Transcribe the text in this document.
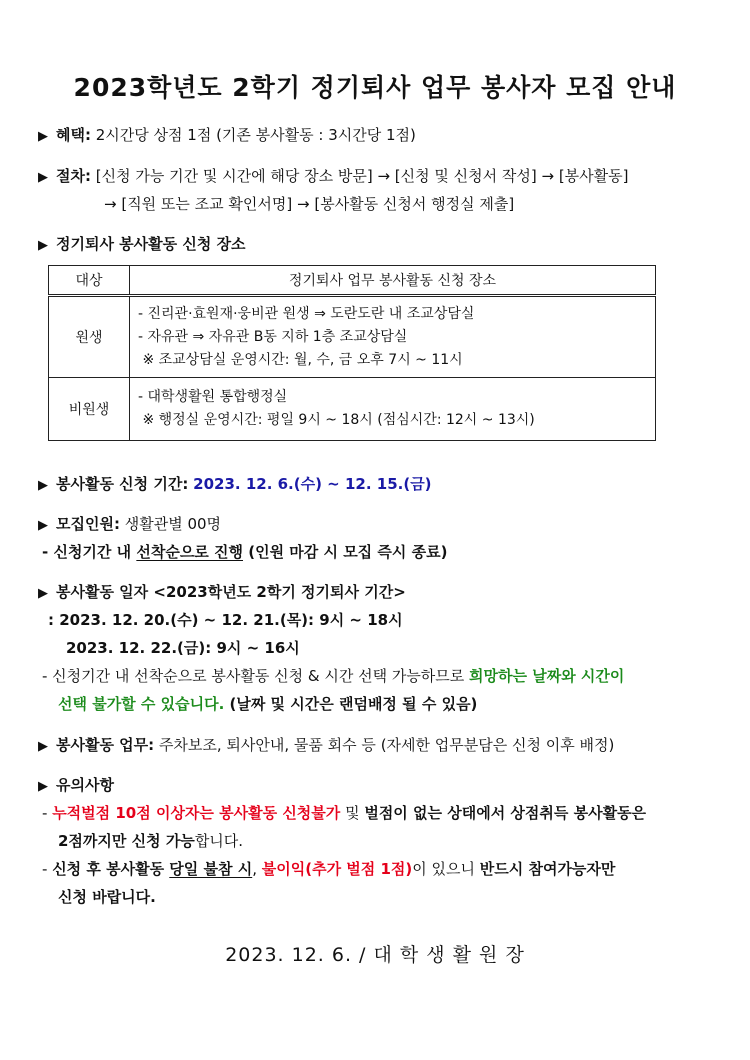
2023학년도 2학기 정기퇴사 업무 봉사자 모집 안내
▶ 혜택: 2시간당 상점 1점 (기존 봉사활동 : 3시간당 1점)
▶ 절차: [신청 가능 기간 및 시간에 해당 장소 방문] → [신청 및 신청서 작성] → [봉사활동]
→ [직원 또는 조교 확인서명] → [봉사활동 신청서 행정실 제출]
▶ 정기퇴사 봉사활동 신청 장소
대상	정기퇴사 업무 봉사활동 신청 장소
원생	- 진리관·효원재·웅비관 원생 ⇒ 도란도란 내 조교상담실
- 자유관 ⇒ 자유관 B동 지하 1층 조교상담실
※ 조교상담실 운영시간: 월, 수, 금 오후 7시 ~ 11시

비원생	- 대학생활원 통합행정실
※ 행정실 운영시간: 평일 9시 ~ 18시 (점심시간: 12시 ~ 13시)
▶ 봉사활동 신청 기간: 2023. 12. 6.(수) ~ 12. 15.(금)
▶ 모집인원: 생활관별 00명
- 신청기간 내 선착순으로 진행 (인원 마감 시 모집 즉시 종료)
▶ 봉사활동 일자 <2023학년도 2학기 정기퇴사 기간>
: 2023. 12. 20.(수) ~ 12. 21.(목): 9시 ~ 18시
2023. 12. 22.(금): 9시 ~ 16시
- 신청기간 내 선착순으로 봉사활동 신청 & 시간 선택 가능하므로 희망하는 날짜와 시간이
선택 불가할 수 있습니다. (날짜 및 시간은 랜덤배정 될 수 있음)
▶ 봉사활동 업무: 주차보조, 퇴사안내, 물품 회수 등 (자세한 업무분담은 신청 이후 배정)
▶ 유의사항
- 누적벌점 10점 이상자는 봉사활동 신청불가 및 벌점이 없는 상태에서 상점취득 봉사활동은
2점까지만 신청 가능합니다.
- 신청 후 봉사활동 당일 불참 시, 불이익(추가 벌점 1점)이 있으니 반드시 참여가능자만
신청 바랍니다.
2023. 12. 6. / 대 학 생 활 원 장
